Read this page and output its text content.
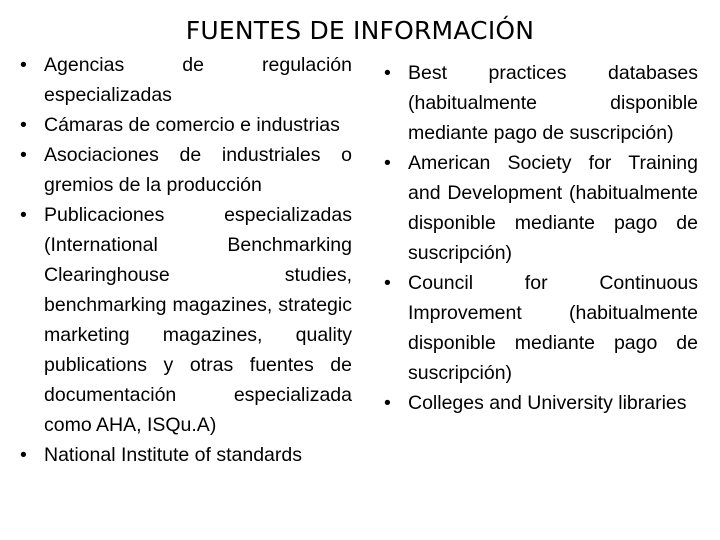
FUENTES DE INFORMACIÓN
• Agencias de regulación especializadas
• Cámaras de comercio e industrias
• Asociaciones de industriales o gremios de la producción
• Publicaciones especializadas (International Benchmarking Clearinghouse studies, benchmarking magazines, strategic marketing magazines, quality publications y otras fuentes de documentación especializada como AHA, ISQu.A)
• National Institute of standards
• Best practices databases (habitualmente disponible mediante pago de suscripción)
• American Society for Training and Development (habitualmente disponible mediante pago de suscripción)
• Council for Continuous Improvement (habitualmente disponible mediante pago de suscripción)
• Colleges and University libraries
